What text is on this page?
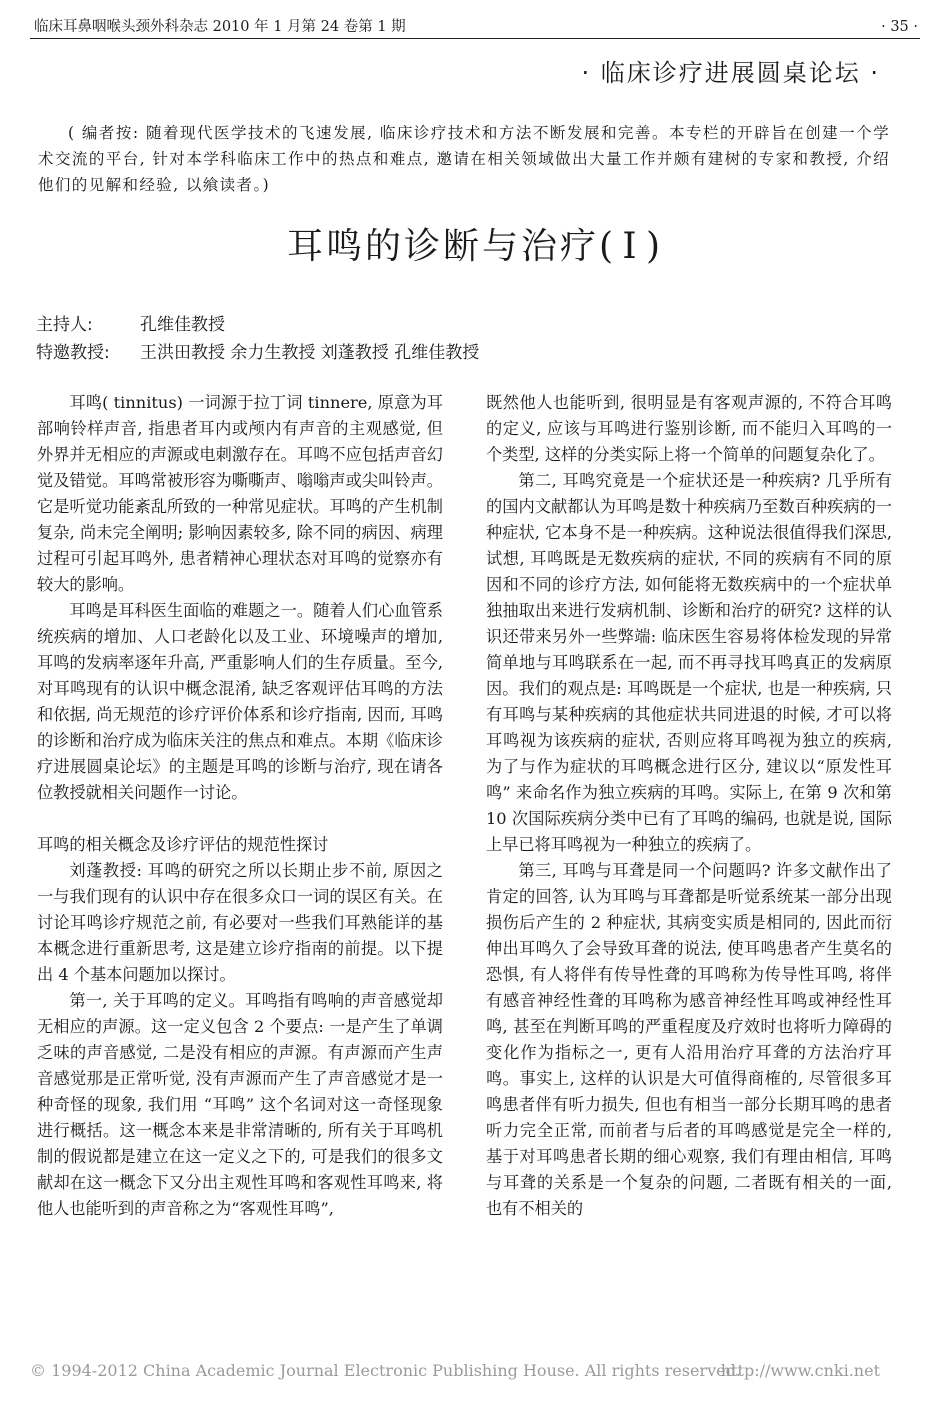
临床耳鼻咽喉头颈外科杂志 2010 年 1 月第 24 卷第 1 期	· 35 ·
· 临床诊疗进展圆桌论坛 ·

( 编者按: 随着现代医学技术的飞速发展, 临床诊疗技术和方法不断发展和完善。本专栏的开辟旨在创建一个学术交流的平台, 针对本学科临床工作中的热点和难点, 邀请在相关领域做出大量工作并颇有建树的专家和教授, 介绍他们的见解和经验, 以飨读者。)

耳鸣的诊断与治疗( Ⅰ )
主持人:	孔维佳教授
特邀教授: 王洪田教授 余力生教授 刘蓬教授 孔维佳教授

耳鸣( tinnitus) 一词源于拉丁词 tinnere, 原意为耳部响铃样声音, 指患者耳内或颅内有声音的主观感觉, 但外界并无相应的声源或电刺激存在。耳鸣不应包括声音幻觉及错觉。耳鸣常被形容为嘶嘶声、嗡嗡声或尖叫铃声。它是听觉功能紊乱所致的一种常见症状。耳鸣的产生机制复杂, 尚未完全阐明; 影响因素较多, 除不同的病因、病理过程可引起耳鸣外, 患者精神心理状态对耳鸣的觉察亦有较大的影响。

耳鸣是耳科医生面临的难题之一。随着人们心血管系统疾病的增加、人口老龄化以及工业、环境噪声的增加, 耳鸣的发病率逐年升高, 严重影响人们的生存质量。至今, 对耳鸣现有的认识中概念混淆, 缺乏客观评估耳鸣的方法和依据, 尚无规范的诊疗评价体系和诊疗指南, 因而, 耳鸣的诊断和治疗成为临床关注的焦点和难点。本期《临床诊疗进展圆桌论坛》的主题是耳鸣的诊断与治疗, 现在请各位教授就相关问题作一讨论。

耳鸣的相关概念及诊疗评估的规范性探讨

刘蓬教授: 耳鸣的研究之所以长期止步不前, 原因之一与我们现有的认识中存在很多众口一词的误区有关。在讨论耳鸣诊疗规范之前, 有必要对一些我们耳熟能详的基本概念进行重新思考, 这是建立诊疗指南的前提。以下提出 4 个基本问题加以探讨。

第一, 关于耳鸣的定义。耳鸣指有鸣响的声音感觉却无相应的声源。这一定义包含 2 个要点: 一是产生了单调乏味的声音感觉, 二是没有相应的声源。有声源而产生声音感觉那是正常听觉, 没有声源而产生了声音感觉才是一种奇怪的现象, 我们用 “耳鸣” 这个名词对这一奇怪现象进行概括。这一概念本来是非常清晰的, 所有关于耳鸣机制的假说都是建立在这一定义之下的, 可是我们的很多文献却在这一概念下又分出主观性耳鸣和客观性耳鸣来, 将他人也能听到的声音称之为“客观性耳鸣”,

既然他人也能听到, 很明显是有客观声源的, 不符合耳鸣的定义, 应该与耳鸣进行鉴别诊断, 而不能归入耳鸣的一个类型, 这样的分类实际上将一个简单的问题复杂化了。

第二, 耳鸣究竟是一个症状还是一种疾病? 几乎所有的国内文献都认为耳鸣是数十种疾病乃至数百种疾病的一种症状, 它本身不是一种疾病。这种说法很值得我们深思, 试想, 耳鸣既是无数疾病的症状, 不同的疾病有不同的原因和不同的诊疗方法, 如何能将无数疾病中的一个症状单独抽取出来进行发病机制、诊断和治疗的研究? 这样的认识还带来另外一些弊端: 临床医生容易将体检发现的异常简单地与耳鸣联系在一起, 而不再寻找耳鸣真正的发病原因。我们的观点是: 耳鸣既是一个症状, 也是一种疾病, 只有耳鸣与某种疾病的其他症状共同进退的时候, 才可以将耳鸣视为该疾病的症状, 否则应将耳鸣视为独立的疾病, 为了与作为症状的耳鸣概念进行区分, 建议以“原发性耳鸣” 来命名作为独立疾病的耳鸣。实际上, 在第 9 次和第 10 次国际疾病分类中已有了耳鸣的编码, 也就是说, 国际上早已将耳鸣视为一种独立的疾病了。

第三, 耳鸣与耳聋是同一个问题吗? 许多文献作出了肯定的回答, 认为耳鸣与耳聋都是听觉系统某一部分出现损伤后产生的 2 种症状, 其病变实质是相同的, 因此而衍伸出耳鸣久了会导致耳聋的说法, 使耳鸣患者产生莫名的恐惧, 有人将伴有传导性聋的耳鸣称为传导性耳鸣, 将伴有感音神经性聋的耳鸣称为感音神经性耳鸣或神经性耳鸣, 甚至在判断耳鸣的严重程度及疗效时也将听力障碍的变化作为指标之一, 更有人沿用治疗耳聋的方法治疗耳鸣。事实上, 这样的认识是大可值得商榷的, 尽管很多耳鸣患者伴有听力损失, 但也有相当一部分长期耳鸣的患者听力完全正常, 而前者与后者的耳鸣感觉是完全一样的, 基于对耳鸣患者长期的细心观察, 我们有理由相信, 耳鸣与耳聋的关系是一个复杂的问题, 二者既有相关的一面, 也有不相关的

© 1994-2012 China Academic Journal Electronic Publishing House. All rights reserved.
http://www.cnki.net
